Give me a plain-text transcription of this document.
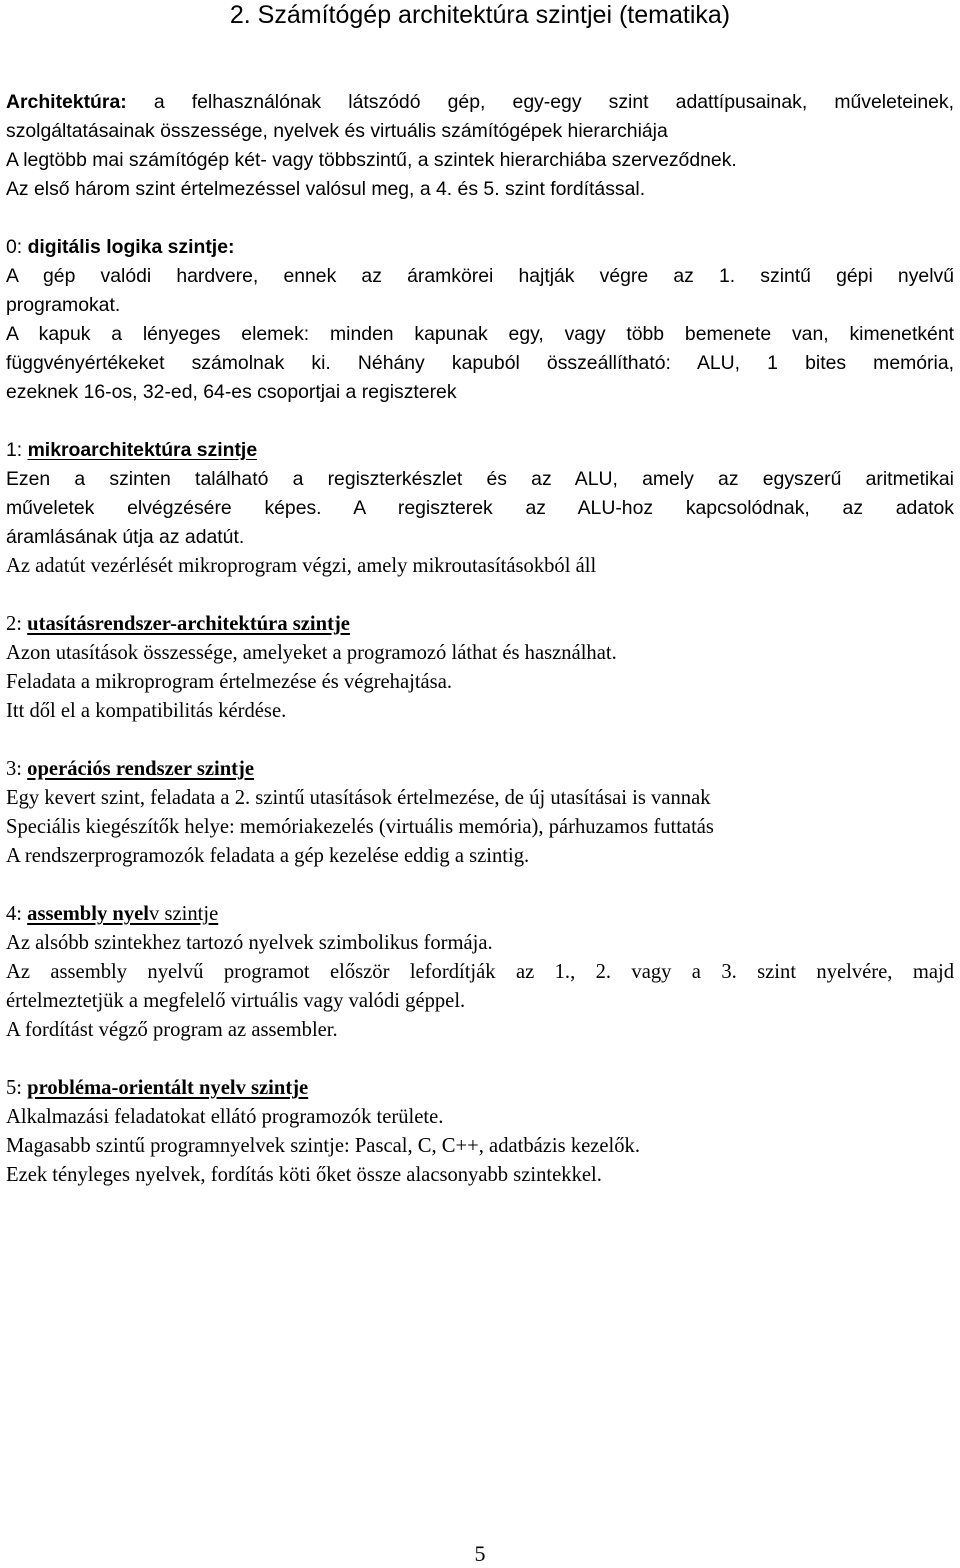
2. Számítógép architektúra szintjei (tematika)
Architektúra: a felhasználónak látszódó gép, egy-egy szint adattípusainak, műveleteinek,
szolgáltatásainak összessége, nyelvek és virtuális számítógépek hierarchiája
A legtöbb mai számítógép két- vagy többszintű, a szintek hierarchiába szerveződnek.
Az első három szint értelmezéssel valósul meg, a 4. és 5. szint fordítással.
0: digitális logika szintje:
A gép valódi hardvere, ennek az áramkörei hajtják végre az 1. szintű gépi nyelvű
programokat.
A kapuk a lényeges elemek: minden kapunak egy, vagy több bemenete van, kimenetként
függvényértékeket számolnak ki. Néhány kapuból összeállítható: ALU, 1 bites memória,
ezeknek 16-os, 32-ed, 64-es csoportjai a regiszterek
1: mikroarchitektúra szintje
Ezen a szinten található a regiszterkészlet és az ALU, amely az egyszerű aritmetikai
műveletek elvégzésére képes. A regiszterek az ALU-hoz kapcsolódnak, az adatok
áramlásának útja az adatút.
Az adatút vezérlését mikroprogram végzi, amely mikroutasításokból áll
2: utasításrendszer-architektúra szintje
Azon utasítások összessége, amelyeket a programozó láthat és használhat.
Feladata a mikroprogram értelmezése és végrehajtása.
Itt dől el a kompatibilitás kérdése.
3: operációs rendszer szintje
Egy kevert szint, feladata a 2. szintű utasítások értelmezése, de új utasításai is vannak
Speciális kiegészítők helye: memóriakezelés (virtuális memória), párhuzamos futtatás
A rendszerprogramozók feladata a gép kezelése eddig a szintig.
4: assembly nyelv szintje
Az alsóbb szintekhez tartozó nyelvek szimbolikus formája.
Az assembly nyelvű programot először lefordítják az 1., 2. vagy a 3. szint nyelvére, majd
értelmeztetjük a megfelelő virtuális vagy valódi géppel.
A fordítást végző program az assembler.
5: probléma-orientált nyelv szintje
Alkalmazási feladatokat ellátó programozók területe.
Magasabb szintű programnyelvek szintje: Pascal, C, C++, adatbázis kezelők.
Ezek tényleges nyelvek, fordítás köti őket össze alacsonyabb szintekkel.
5
